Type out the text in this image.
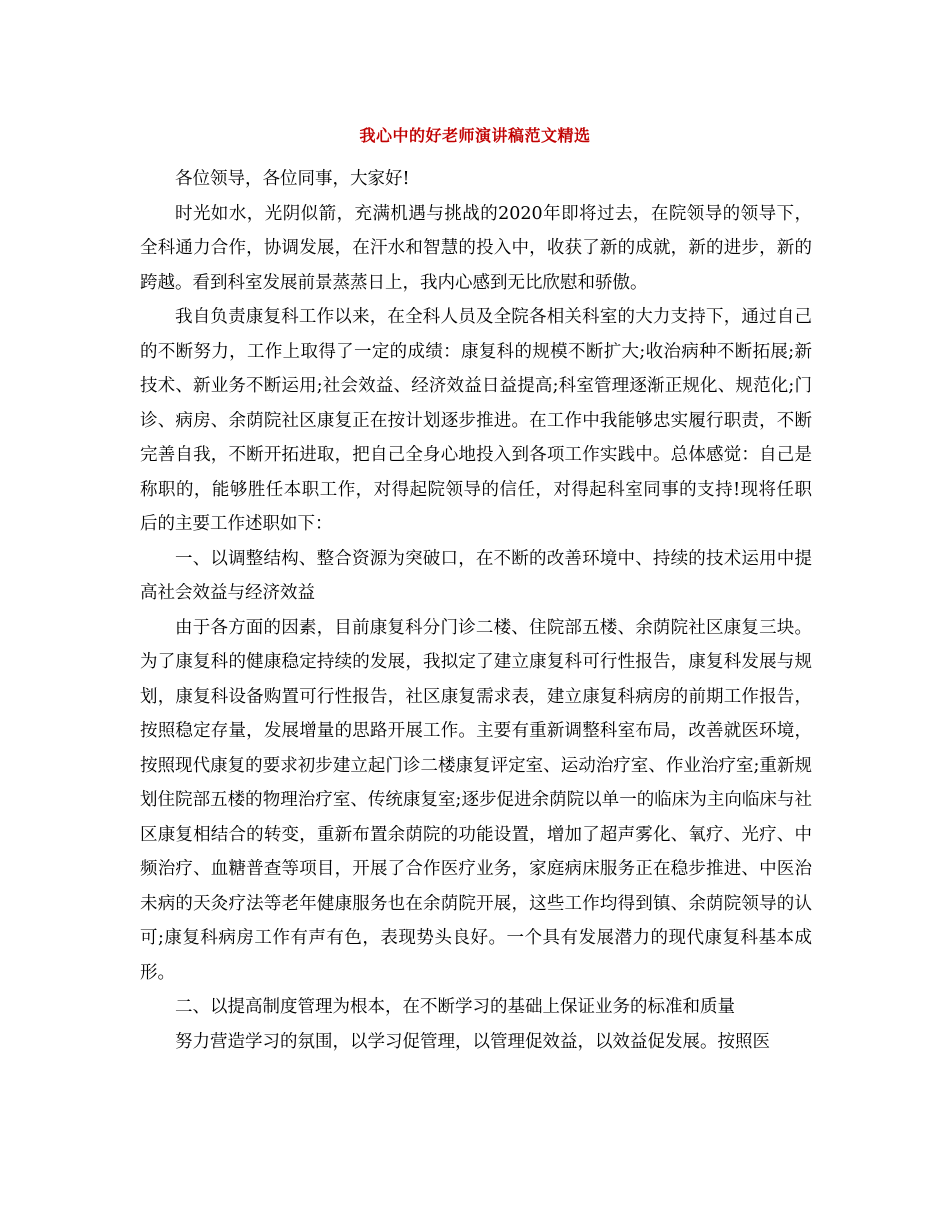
我心中的好老师演讲稿范文精选

各位领导，各位同事，大家好!

时光如水，光阴似箭，充满机遇与挑战的2020年即将过去，在院领导的领导下，全科通力合作，协调发展，在汗水和智慧的投入中，收获了新的成就，新的进步，新的跨越。看到科室发展前景蒸蒸日上，我内心感到无比欣慰和骄傲。

我自负责康复科工作以来，在全科人员及全院各相关科室的大力支持下，通过自己的不断努力，工作上取得了一定的成绩：康复科的规模不断扩大;收治病种不断拓展;新技术、新业务不断运用;社会效益、经济效益日益提高;科室管理逐渐正规化、规范化;门诊、病房、余荫院社区康复正在按计划逐步推进。在工作中我能够忠实履行职责，不断完善自我，不断开拓进取，把自己全身心地投入到各项工作实践中。总体感觉：自己是称职的，能够胜任本职工作，对得起院领导的信任，对得起科室同事的支持!现将任职后的主要工作述职如下：

一、以调整结构、整合资源为突破口，在不断的改善环境中、持续的技术运用中提高社会效益与经济效益

由于各方面的因素，目前康复科分门诊二楼、住院部五楼、余荫院社区康复三块。为了康复科的健康稳定持续的发展，我拟定了建立康复科可行性报告，康复科发展与规划，康复科设备购置可行性报告，社区康复需求表，建立康复科病房的前期工作报告，按照稳定存量，发展增量的思路开展工作。主要有重新调整科室布局，改善就医环境，按照现代康复的要求初步建立起门诊二楼康复评定室、运动治疗室、作业治疗室;重新规划住院部五楼的物理治疗室、传统康复室;逐步促进余荫院以单一的临床为主向临床与社区康复相结合的转变，重新布置余荫院的功能设置，增加了超声雾化、氧疗、光疗、中频治疗、血糖普查等项目，开展了合作医疗业务，家庭病床服务正在稳步推进、中医治未病的天灸疗法等老年健康服务也在余荫院开展，这些工作均得到镇、余荫院领导的认可;康复科病房工作有声有色，表现势头良好。一个具有发展潜力的现代康复科基本成形。

二、以提高制度管理为根本，在不断学习的基础上保证业务的标准和质量

努力营造学习的氛围，以学习促管理，以管理促效益，以效益促发展。按照医
